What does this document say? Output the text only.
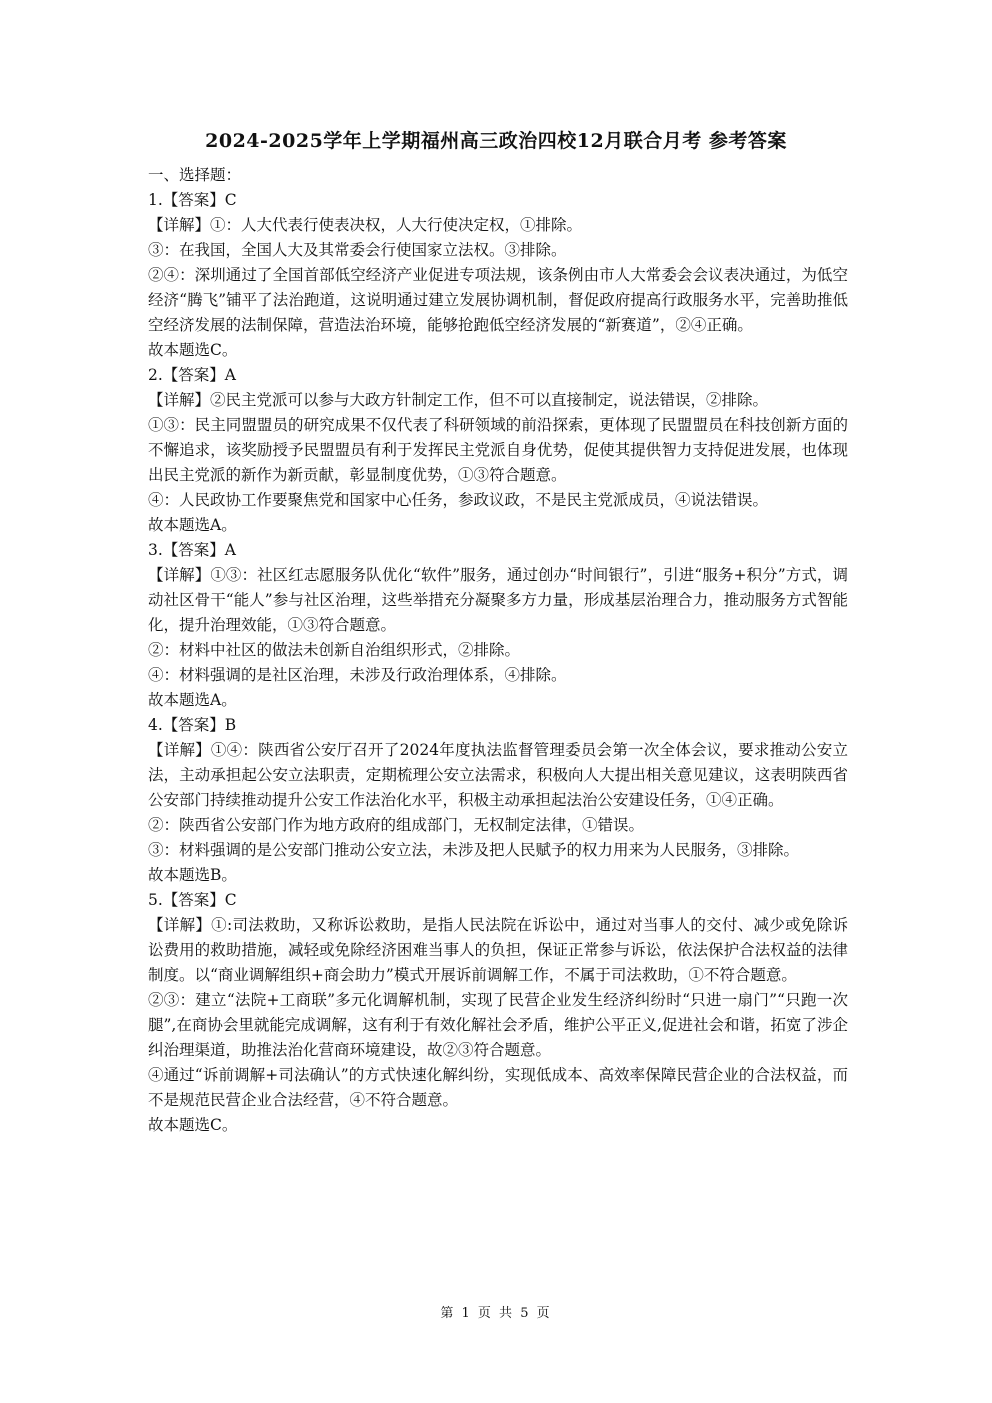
2024-2025学年上学期福州高三政治四校12月联合月考 参考答案

一、选择题：

1.【答案】C

【详解】①：人大代表行使表决权，人大行使决定权，①排除。

③：在我国，全国人大及其常委会行使国家立法权。③排除。

②④：深圳通过了全国首部低空经济产业促进专项法规，该条例由市人大常委会会议表决通过，为低空经济“腾飞”铺平了法治跑道，这说明通过建立发展协调机制，督促政府提高行政服务水平，完善助推低空经济发展的法制保障，营造法治环境，能够抢跑低空经济发展的“新赛道”，②④正确。

故本题选C。

2.【答案】A

【详解】②民主党派可以参与大政方针制定工作，但不可以直接制定，说法错误，②排除。

①③：民主同盟盟员的研究成果不仅代表了科研领域的前沿探索，更体现了民盟盟员在科技创新方面的不懈追求，该奖励授予民盟盟员有利于发挥民主党派自身优势，促使其提供智力支持促进发展，也体现出民主党派的新作为新贡献，彰显制度优势，①③符合题意。

④：人民政协工作要聚焦党和国家中心任务，参政议政，不是民主党派成员，④说法错误。

故本题选A。

3.【答案】A

【详解】①③：社区红志愿服务队优化“软件”服务，通过创办“时间银行”，引进“服务+积分”方式，调动社区骨干“能人”参与社区治理，这些举措充分凝聚多方力量，形成基层治理合力，推动服务方式智能化，提升治理效能，①③符合题意。

②：材料中社区的做法未创新自治组织形式，②排除。

④：材料强调的是社区治理，未涉及行政治理体系，④排除。

故本题选A。

4.【答案】B

【详解】①④：陕西省公安厅召开了2024年度执法监督管理委员会第一次全体会议，要求推动公安立法，主动承担起公安立法职责，定期梳理公安立法需求，积极向人大提出相关意见建议，这表明陕西省公安部门持续推动提升公安工作法治化水平，积极主动承担起法治公安建设任务，①④正确。

②：陕西省公安部门作为地方政府的组成部门，无权制定法律，①错误。

③：材料强调的是公安部门推动公安立法，未涉及把人民赋予的权力用来为人民服务，③排除。

故本题选B。

5.【答案】C

【详解】①:司法救助，又称诉讼救助，是指人民法院在诉讼中，通过对当事人的交付、减少或免除诉讼费用的救助措施，减轻或免除经济困难当事人的负担，保证正常参与诉讼，依法保护合法权益的法律制度。以“商业调解组织+商会助力”模式开展诉前调解工作，不属于司法救助，①不符合题意。

②③：建立“法院+工商联”多元化调解机制，实现了民营企业发生经济纠纷时“只进一扇门”“只跑一次腿”,在商协会里就能完成调解，这有利于有效化解社会矛盾，维护公平正义,促进社会和谐，拓宽了涉企纠治理渠道，助推法治化营商环境建设，故②③符合题意。

④通过“诉前调解+司法确认”的方式快速化解纠纷，实现低成本、高效率保障民营企业的合法权益，而不是规范民营企业合法经营，④不符合题意。

故本题选C。

第 1 页 共 5 页
